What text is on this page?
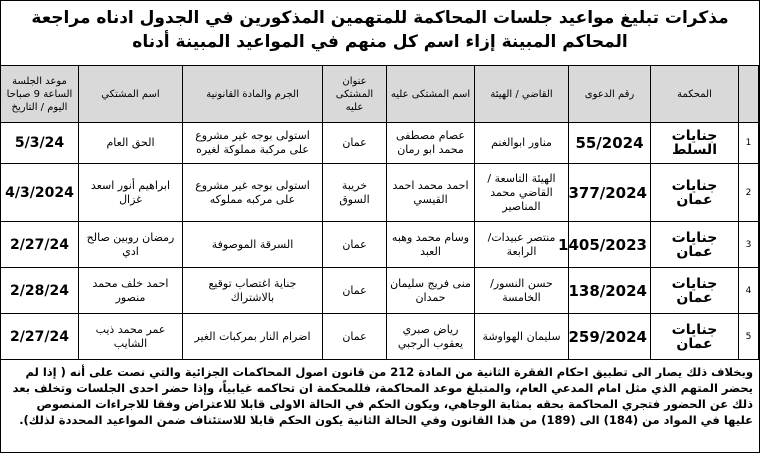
مذكرات تبليغ مواعيد جلسات المحاكمة للمتهمين المذكورين في الجدول ادناه مراجعة المحاكم المبينة إزاء اسم كل منهم في المواعيد المبينة أدناه
	المحكمة	رقم الدعوى	القاضي / الهيئة	اسم المشتكى عليه	عنوان المشتكى عليه	الجرم والمادة القانونية	اسم المشتكي	موعد الجلسة الساعة 9 صباحا اليوم / التاريخ
1	جنايات السلط	55/2024	مناور ابوالغنم	عصام مصطفى محمد ابو رمان	عمان	استولى بوجه غير مشروع على مركبة مملوكة لغيره	الحق العام	5/3/24
2	جنايات عمان	377/2024	الهيئة التاسعة / القاضي محمد المناصير	احمد محمد احمد القيسي	خريبة السوق	استولى بوجه غير مشروع على مركبه مملوكه	ابراهيم أنور اسعد غزال	4/3/2024
3	جنايات عمان	1405/2023	منتصر عبيدات/ الرابعة	وسام محمد وهبه العبد	عمان	السرقة الموصوفة	رمضان روبين صالح ادي	2/27/24
4	جنايات عمان	138/2024	حسن النسور/ الخامسة	منى فريج سليمان حمدان	عمان	جناية اغتصاب توقيع بالاشتراك	احمد خلف محمد منصور	2/28/24
5	جنايات عمان	259/2024	سليمان الهواوشة	رياض صبري يعقوب الرجبي	عمان	اضرام النار بمركبات الغير	عمر محمد ذيب الشايب	2/27/24
وبخلاف ذلك يصار الى تطبيق احكام الفقرة الثانية من المادة 212 من قانون اصول المحاكمات الجزائية والتي نصت على أنه ( إذا لم يحضر المتهم الذي مثل امام المدعي العام، والمتبلغ موعد المحاكمة، فللمحكمة ان تحاكمه غيابياً، وإذا حضر احدى الجلسات وتخلف بعد ذلك عن الحضور فتجري المحاكمة بحقه بمثابة الوجاهي، ويكون الحكم في الحالة الاولى قابلا للاعتراض وفقا للاجراءات المنصوص عليها في المواد من (184) الى (189) من هذا القانون وفي الحالة الثانية يكون الحكم قابلا للاستئناف ضمن المواعيد المحددة لذلك).
